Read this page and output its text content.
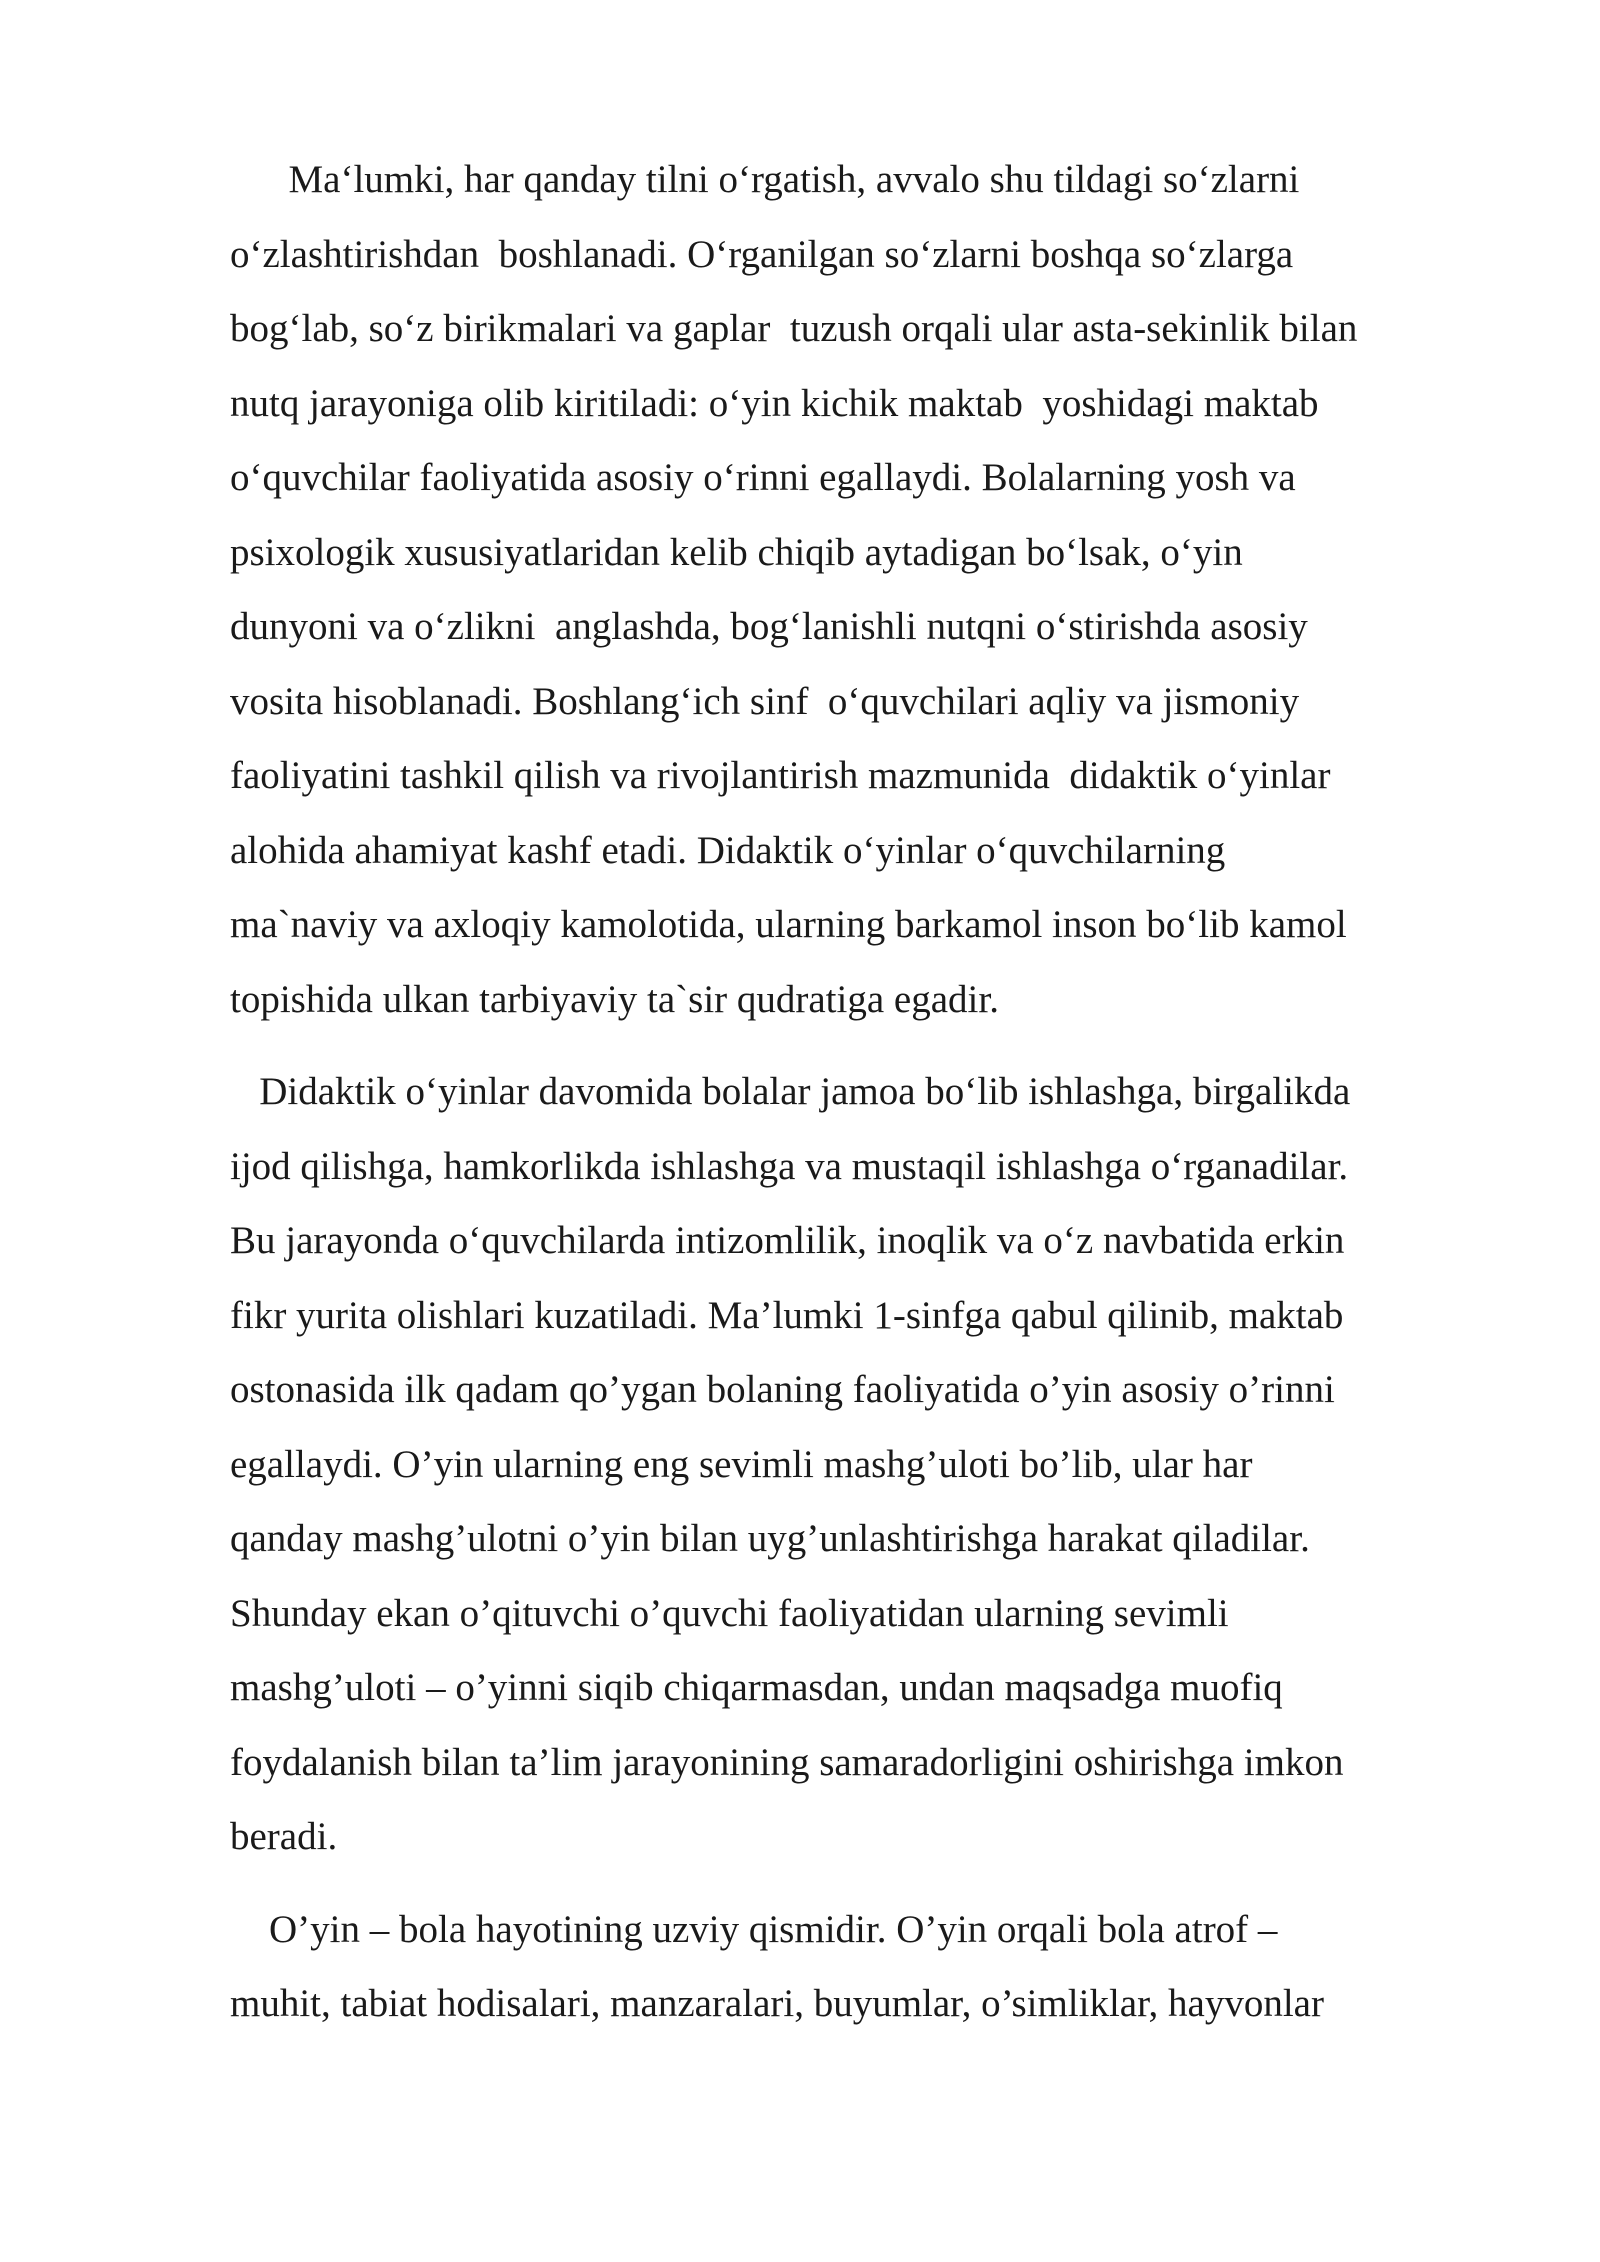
Maʻlumki, har qanday tilni oʻrgatish, avvalo shu tildagi soʻzlarni
oʻzlashtirishdan  boshlanadi. Oʻrganilgan soʻzlarni boshqa soʻzlarga
bogʻlab, soʻz birikmalari va gaplar  tuzush orqali ular asta-sekinlik bilan
nutq jarayoniga olib kiritiladi: oʻyin kichik maktab  yoshidagi maktab
oʻquvchilar faoliyatida asosiy oʻrinni egallaydi. Bolalarning yosh va
psixologik xususiyatlaridan kelib chiqib aytadigan boʻlsak, oʻyin
dunyoni va oʻzlikni  anglashda, bogʻlanishli nutqni oʻstirishda asosiy
vosita hisoblanadi. Boshlangʻich sinf  oʻquvchilari aqliy va jismoniy
faoliyatini tashkil qilish va rivojlantirish mazmunida  didaktik oʻyinlar
alohida ahamiyat kashf etadi. Didaktik oʻyinlar oʻquvchilarning
ma`naviy va axloqiy kamolotida, ularning barkamol inson boʻlib kamol
topishida ulkan tarbiyaviy ta`sir qudratiga egadir.
Didaktik oʻyinlar davomida bolalar jamoa boʻlib ishlashga, birgalikda
ijod qilishga, hamkorlikda ishlashga va mustaqil ishlashga oʻrganadilar.
Bu jarayonda oʻquvchilarda intizomlilik, inoqlik va oʻz navbatida erkin
fikr yurita olishlari kuzatiladi. Ma’lumki 1-sinfga qabul qilinib, maktab
ostonasida ilk qadam qo’ygan bolaning faoliyatida o’yin asosiy o’rinni
egallaydi. O’yin ularning eng sevimli mashg’uloti bo’lib, ular har
qanday mashg’ulotni o’yin bilan uyg’unlashtirishga harakat qiladilar.
Shunday ekan o’qituvchi o’quvchi faoliyatidan ularning sevimli
mashg’uloti – o’yinni siqib chiqarmasdan, undan maqsadga muofiq
foydalanish bilan ta’lim jarayonining samaradorligini oshirishga imkon
beradi.
O’yin – bola hayotining uzviy qismidir. O’yin orqali bola atrof –
muhit, tabiat hodisalari, manzaralari, buyumlar, o’simliklar, hayvonlar
